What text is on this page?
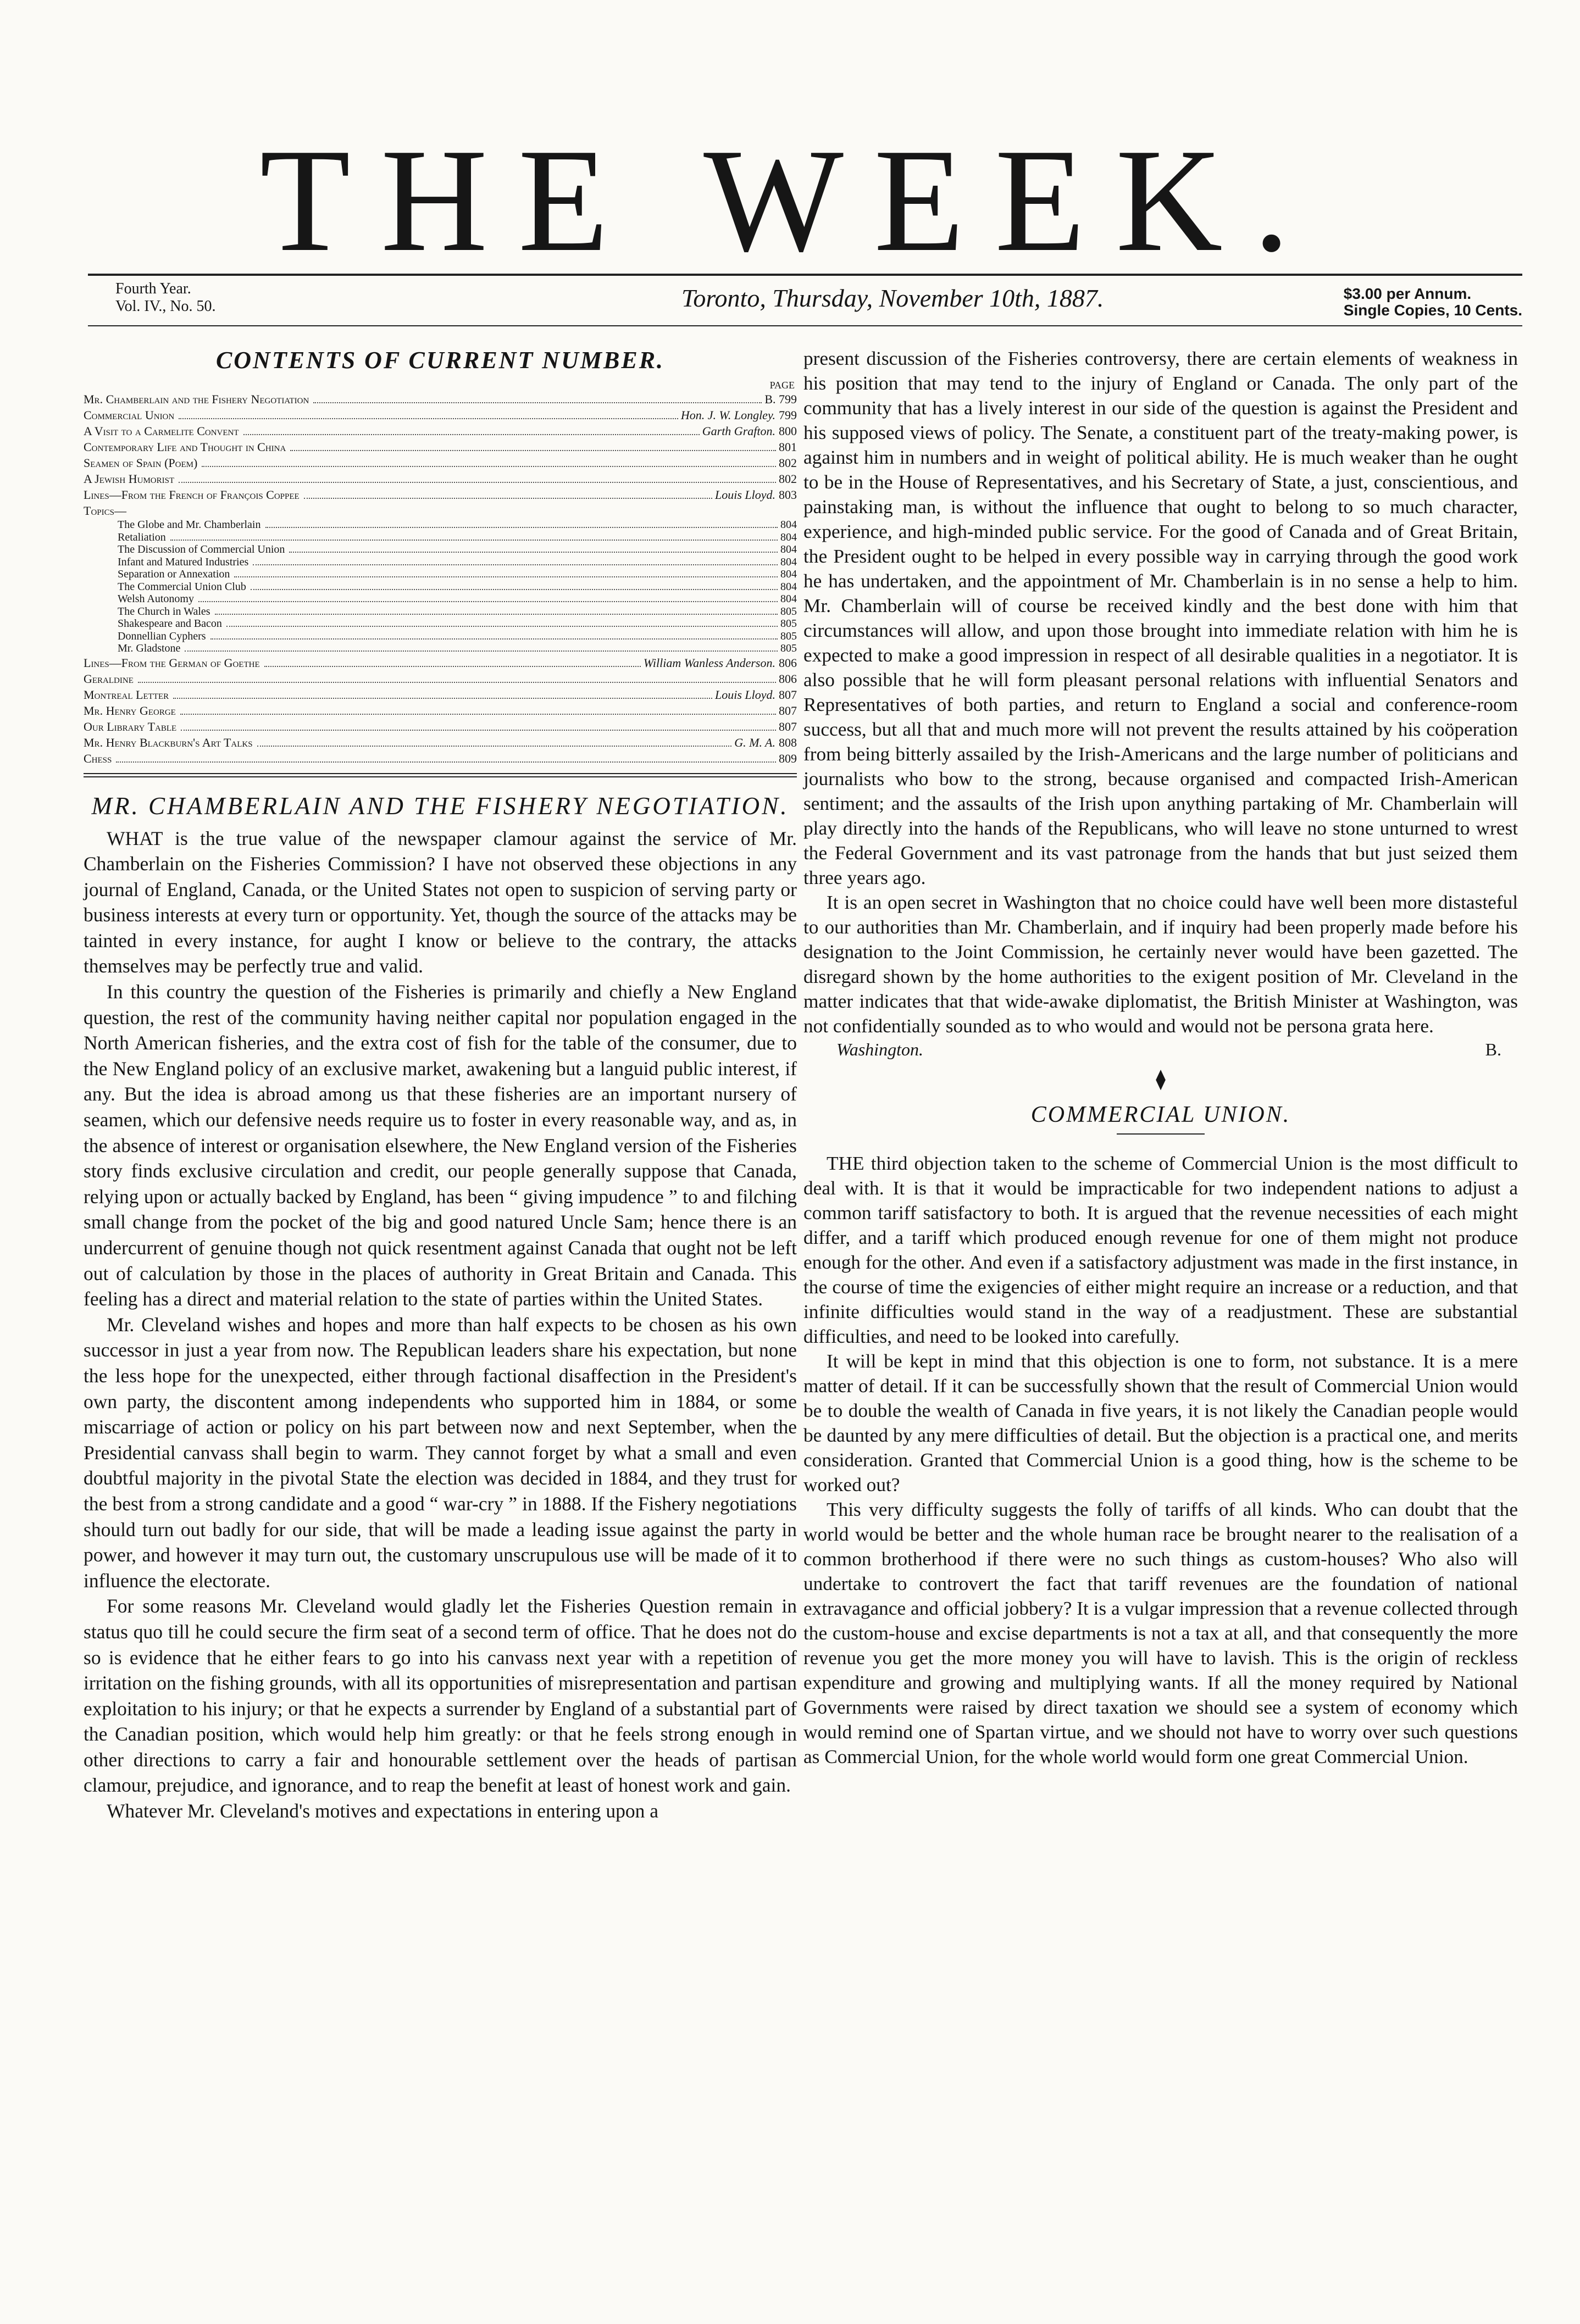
THE WEEK.
Fourth Year.
Vol. IV., No. 50.	Toronto, Thursday, November 10th, 1887.	$3.00 per Annum.
Single Copies, 10 Cents.
CONTENTS OF CURRENT NUMBER.
PAGE
Mr. Chamberlain and the Fishery Negotiation	B. 799
Commercial Union	Hon. J. W. Longley. 799
A Visit to a Carmelite Convent	Garth Grafton. 800
Contemporary Life and Thought in China	801
Seamen of Spain (Poem)	802
A Jewish Humorist	802
Lines—From the French of François Coppee	Louis Lloyd. 803
Topics—
The Globe and Mr. Chamberlain	804
Retaliation	804
The Discussion of Commercial Union	804
Infant and Matured Industries	804
Separation or Annexation	804
The Commercial Union Club	804
Welsh Autonomy	804
The Church in Wales	805
Shakespeare and Bacon	805
Donnellian Cyphers	805
Mr. Gladstone	805
Lines—From the German of Goethe	William Wanless Anderson. 806
Geraldine	806
Montreal Letter	Louis Lloyd. 807
Mr. Henry George	807
Our Library Table	807
Mr. Henry Blackburn's Art Talks	G. M. A. 808
Chess	809
MR. CHAMBERLAIN AND THE FISHERY NEGOTIATION.

WHAT is the true value of the newspaper clamour against the service of Mr. Chamberlain on the Fisheries Commission? I have not observed these objections in any journal of England, Canada, or the United States not open to suspicion of serving party or business interests at every turn or opportunity. Yet, though the source of the attacks may be tainted in every instance, for aught I know or believe to the contrary, the attacks themselves may be perfectly true and valid.

In this country the question of the Fisheries is primarily and chiefly a New England question, the rest of the community having neither capital nor population engaged in the North American fisheries, and the extra cost of fish for the table of the consumer, due to the New England policy of an exclusive market, awakening but a languid public interest, if any. But the idea is abroad among us that these fisheries are an important nursery of seamen, which our defensive needs require us to foster in every reasonable way, and as, in the absence of interest or organisation elsewhere, the New England version of the Fisheries story finds exclusive circulation and credit, our people generally suppose that Canada, relying upon or actually backed by England, has been “ giving impudence ” to and filching small change from the pocket of the big and good natured Uncle Sam; hence there is an undercurrent of genuine though not quick resentment against Canada that ought not be left out of calculation by those in the places of authority in Great Britain and Canada. This feeling has a direct and material relation to the state of parties within the United States.

Mr. Cleveland wishes and hopes and more than half expects to be chosen as his own successor in just a year from now. The Republican leaders share his expectation, but none the less hope for the unexpected, either through factional disaffection in the President's own party, the discontent among independents who supported him in 1884, or some miscarriage of action or policy on his part between now and next September, when the Presidential canvass shall begin to warm. They cannot forget by what a small and even doubtful majority in the pivotal State the election was decided in 1884, and they trust for the best from a strong candidate and a good “ war-cry ” in 1888. If the Fishery negotiations should turn out badly for our side, that will be made a leading issue against the party in power, and however it may turn out, the customary unscrupulous use will be made of it to influence the electorate.

For some reasons Mr. Cleveland would gladly let the Fisheries Question remain in status quo till he could secure the firm seat of a second term of office. That he does not do so is evidence that he either fears to go into his canvass next year with a repetition of irritation on the fishing grounds, with all its opportunities of misrepresentation and partisan exploitation to his injury; or that he expects a surrender by England of a substantial part of the Canadian position, which would help him greatly: or that he feels strong enough in other directions to carry a fair and honourable settlement over the heads of partisan clamour, prejudice, and ignorance, and to reap the benefit at least of honest work and gain.

Whatever Mr. Cleveland's motives and expectations in entering upon a

present discussion of the Fisheries controversy, there are certain elements of weakness in his position that may tend to the injury of England or Canada. The only part of the community that has a lively interest in our side of the question is against the President and his supposed views of policy. The Senate, a constituent part of the treaty-making power, is against him in numbers and in weight of political ability. He is much weaker than he ought to be in the House of Representatives, and his Secretary of State, a just, conscientious, and painstaking man, is without the influence that ought to belong to so much character, experience, and high-minded public service. For the good of Canada and of Great Britain, the President ought to be helped in every possible way in carrying through the good work he has undertaken, and the appointment of Mr. Chamberlain is in no sense a help to him. Mr. Chamberlain will of course be received kindly and the best done with him that circumstances will allow, and upon those brought into immediate relation with him he is expected to make a good impression in respect of all desirable qualities in a negotiator. It is also possible that he will form pleasant personal relations with influential Senators and Representatives of both parties, and return to England a social and conference-room success, but all that and much more will not prevent the results attained by his coöperation from being bitterly assailed by the Irish-Americans and the large number of politicians and journalists who bow to the strong, because organised and compacted Irish-American sentiment; and the assaults of the Irish upon anything partaking of Mr. Chamberlain will play directly into the hands of the Republicans, who will leave no stone unturned to wrest the Federal Government and its vast patronage from the hands that but just seized them three years ago.

It is an open secret in Washington that no choice could have well been more distasteful to our authorities than Mr. Chamberlain, and if inquiry had been properly made before his designation to the Joint Commission, he certainly never would have been gazetted. The disregard shown by the home authorities to the exigent position of Mr. Cleveland in the matter indicates that that wide-awake diplomatist, the British Minister at Washington, was not confidentially sounded as to who would and would not be persona grata here.

Washington.	B.
⧫
COMMERCIAL UNION.

THE third objection taken to the scheme of Commercial Union is the most difficult to deal with. It is that it would be impracticable for two independent nations to adjust a common tariff satisfactory to both. It is argued that the revenue necessities of each might differ, and a tariff which produced enough revenue for one of them might not produce enough for the other. And even if a satisfactory adjustment was made in the first instance, in the course of time the exigencies of either might require an increase or a reduction, and that infinite difficulties would stand in the way of a readjustment. These are substantial difficulties, and need to be looked into carefully.

It will be kept in mind that this objection is one to form, not substance. It is a mere matter of detail. If it can be successfully shown that the result of Commercial Union would be to double the wealth of Canada in five years, it is not likely the Canadian people would be daunted by any mere difficulties of detail. But the objection is a practical one, and merits consideration. Granted that Commercial Union is a good thing, how is the scheme to be worked out?

This very difficulty suggests the folly of tariffs of all kinds. Who can doubt that the world would be better and the whole human race be brought nearer to the realisation of a common brotherhood if there were no such things as custom-houses? Who also will undertake to controvert the fact that tariff revenues are the foundation of national extravagance and official jobbery? It is a vulgar impression that a revenue collected through the custom-house and excise departments is not a tax at all, and that consequently the more revenue you get the more money you will have to lavish. This is the origin of reckless expenditure and growing and multiplying wants. If all the money required by National Governments were raised by direct taxation we should see a system of economy which would remind one of Spartan virtue, and we should not have to worry over such questions as Commercial Union, for the whole world would form one great Commercial Union.
